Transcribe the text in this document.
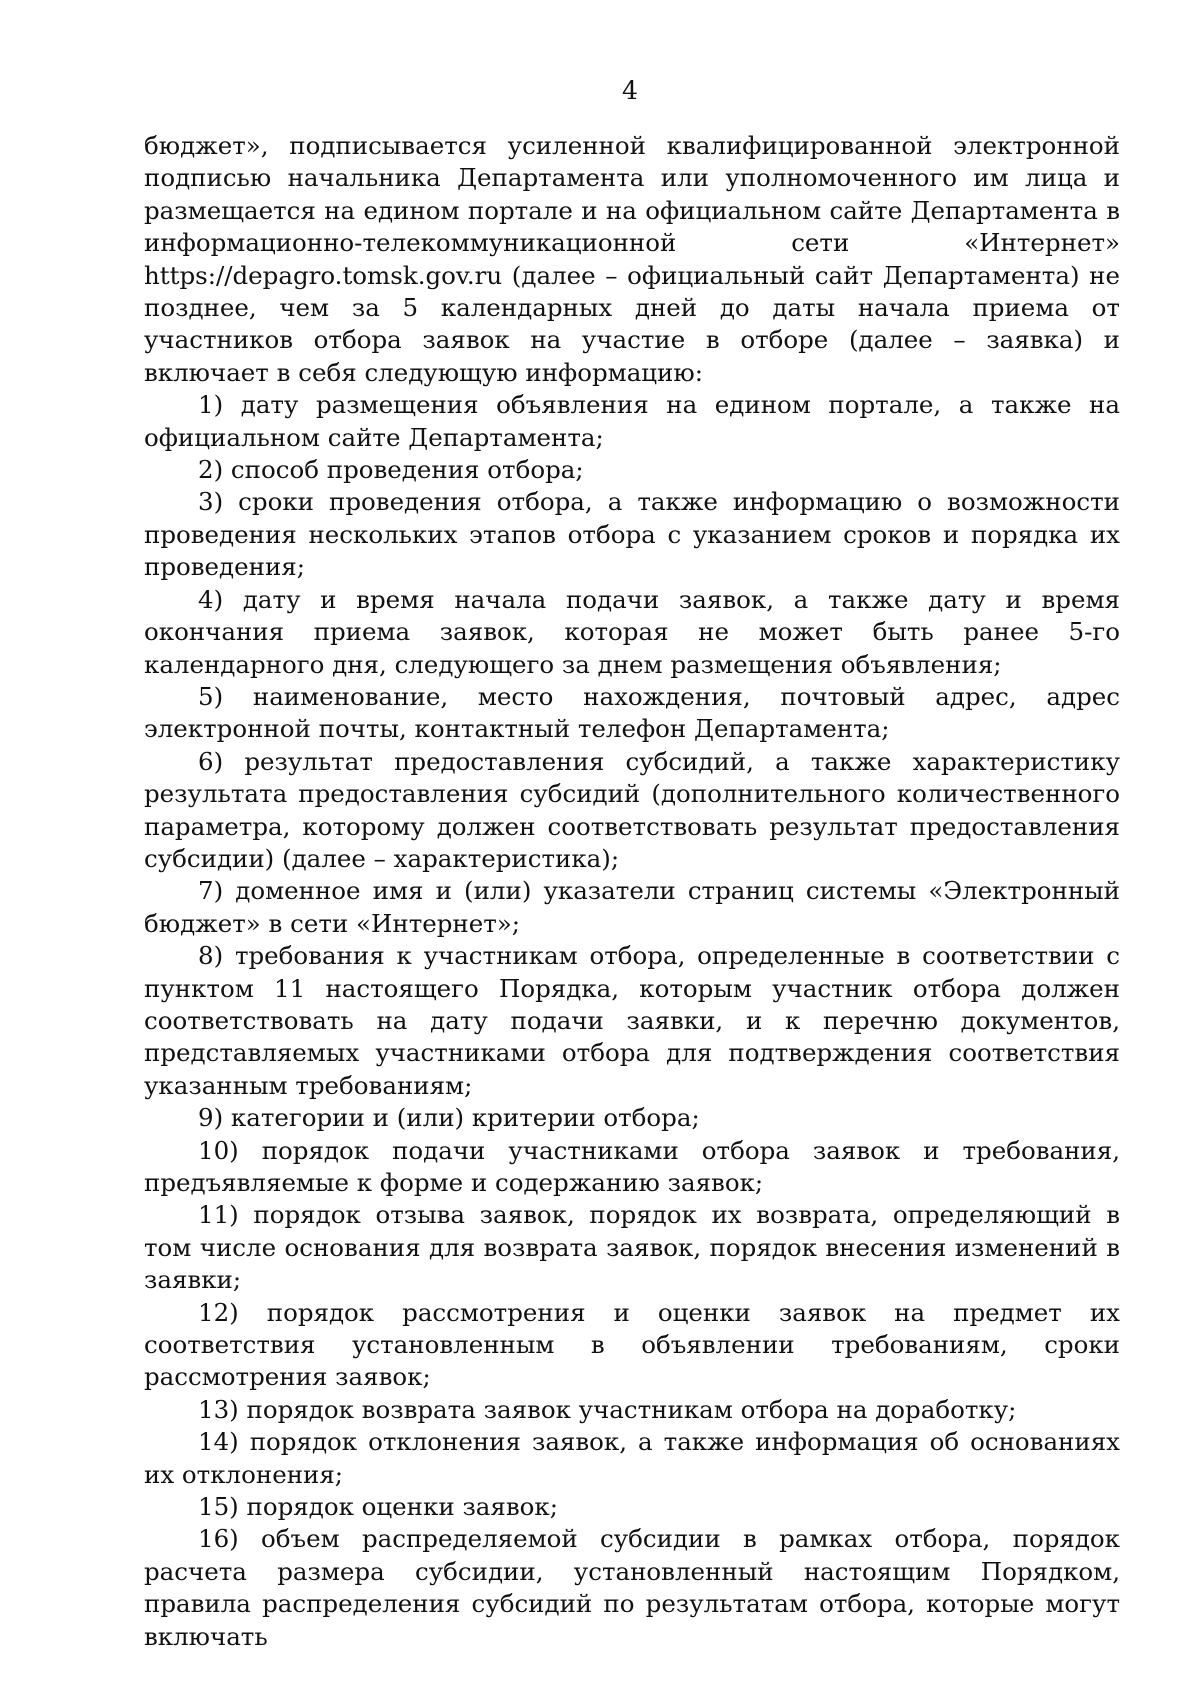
4

бюджет», подписывается усиленной квалифицированной электронной подписью начальника Департамента или уполномоченного им лица и размещается на едином портале и на официальном сайте Департамента в информационно-телекоммуникационной сети «Интернет» https://depagro.tomsk.gov.ru (далее – официальный сайт Департамента) не позднее, чем за 5 календарных дней до даты начала приема от участников отбора заявок на участие в отборе (далее – заявка) и включает в себя следующую информацию:

1) дату размещения объявления на едином портале, а также на официальном сайте Департамента;

2) способ проведения отбора;

3) сроки проведения отбора, а также информацию о возможности проведения нескольких этапов отбора с указанием сроков и порядка их проведения;

4) дату и время начала подачи заявок, а также дату и время окончания приема заявок, которая не может быть ранее 5-го календарного дня, следующего за днем размещения объявления;

5) наименование, место нахождения, почтовый адрес, адрес электронной почты, контактный телефон Департамента;

6) результат предоставления субсидий, а также характеристику результата предоставления субсидий (дополнительного количественного параметра, которому должен соответствовать результат предоставления субсидии) (далее – характеристика);

7) доменное имя и (или) указатели страниц системы «Электронный бюджет» в сети «Интернет»;

8) требования к участникам отбора, определенные в соответствии с пунктом 11 настоящего Порядка, которым участник отбора должен соответствовать на дату подачи заявки, и к перечню документов, представляемых участниками отбора для подтверждения соответствия указанным требованиям;

9) категории и (или) критерии отбора;

10) порядок подачи участниками отбора заявок и требования, предъявляемые к форме и содержанию заявок;

11) порядок отзыва заявок, порядок их возврата, определяющий в том числе основания для возврата заявок, порядок внесения изменений в заявки;

12) порядок рассмотрения и оценки заявок на предмет их соответствия установленным в объявлении требованиям, сроки рассмотрения заявок;

13) порядок возврата заявок участникам отбора на доработку;

14) порядок отклонения заявок, а также информация об основаниях их отклонения;

15) порядок оценки заявок;

16) объем распределяемой субсидии в рамках отбора, порядок расчета размера субсидии, установленный настоящим Порядком, правила распределения субсидий по результатам отбора, которые могут включать
